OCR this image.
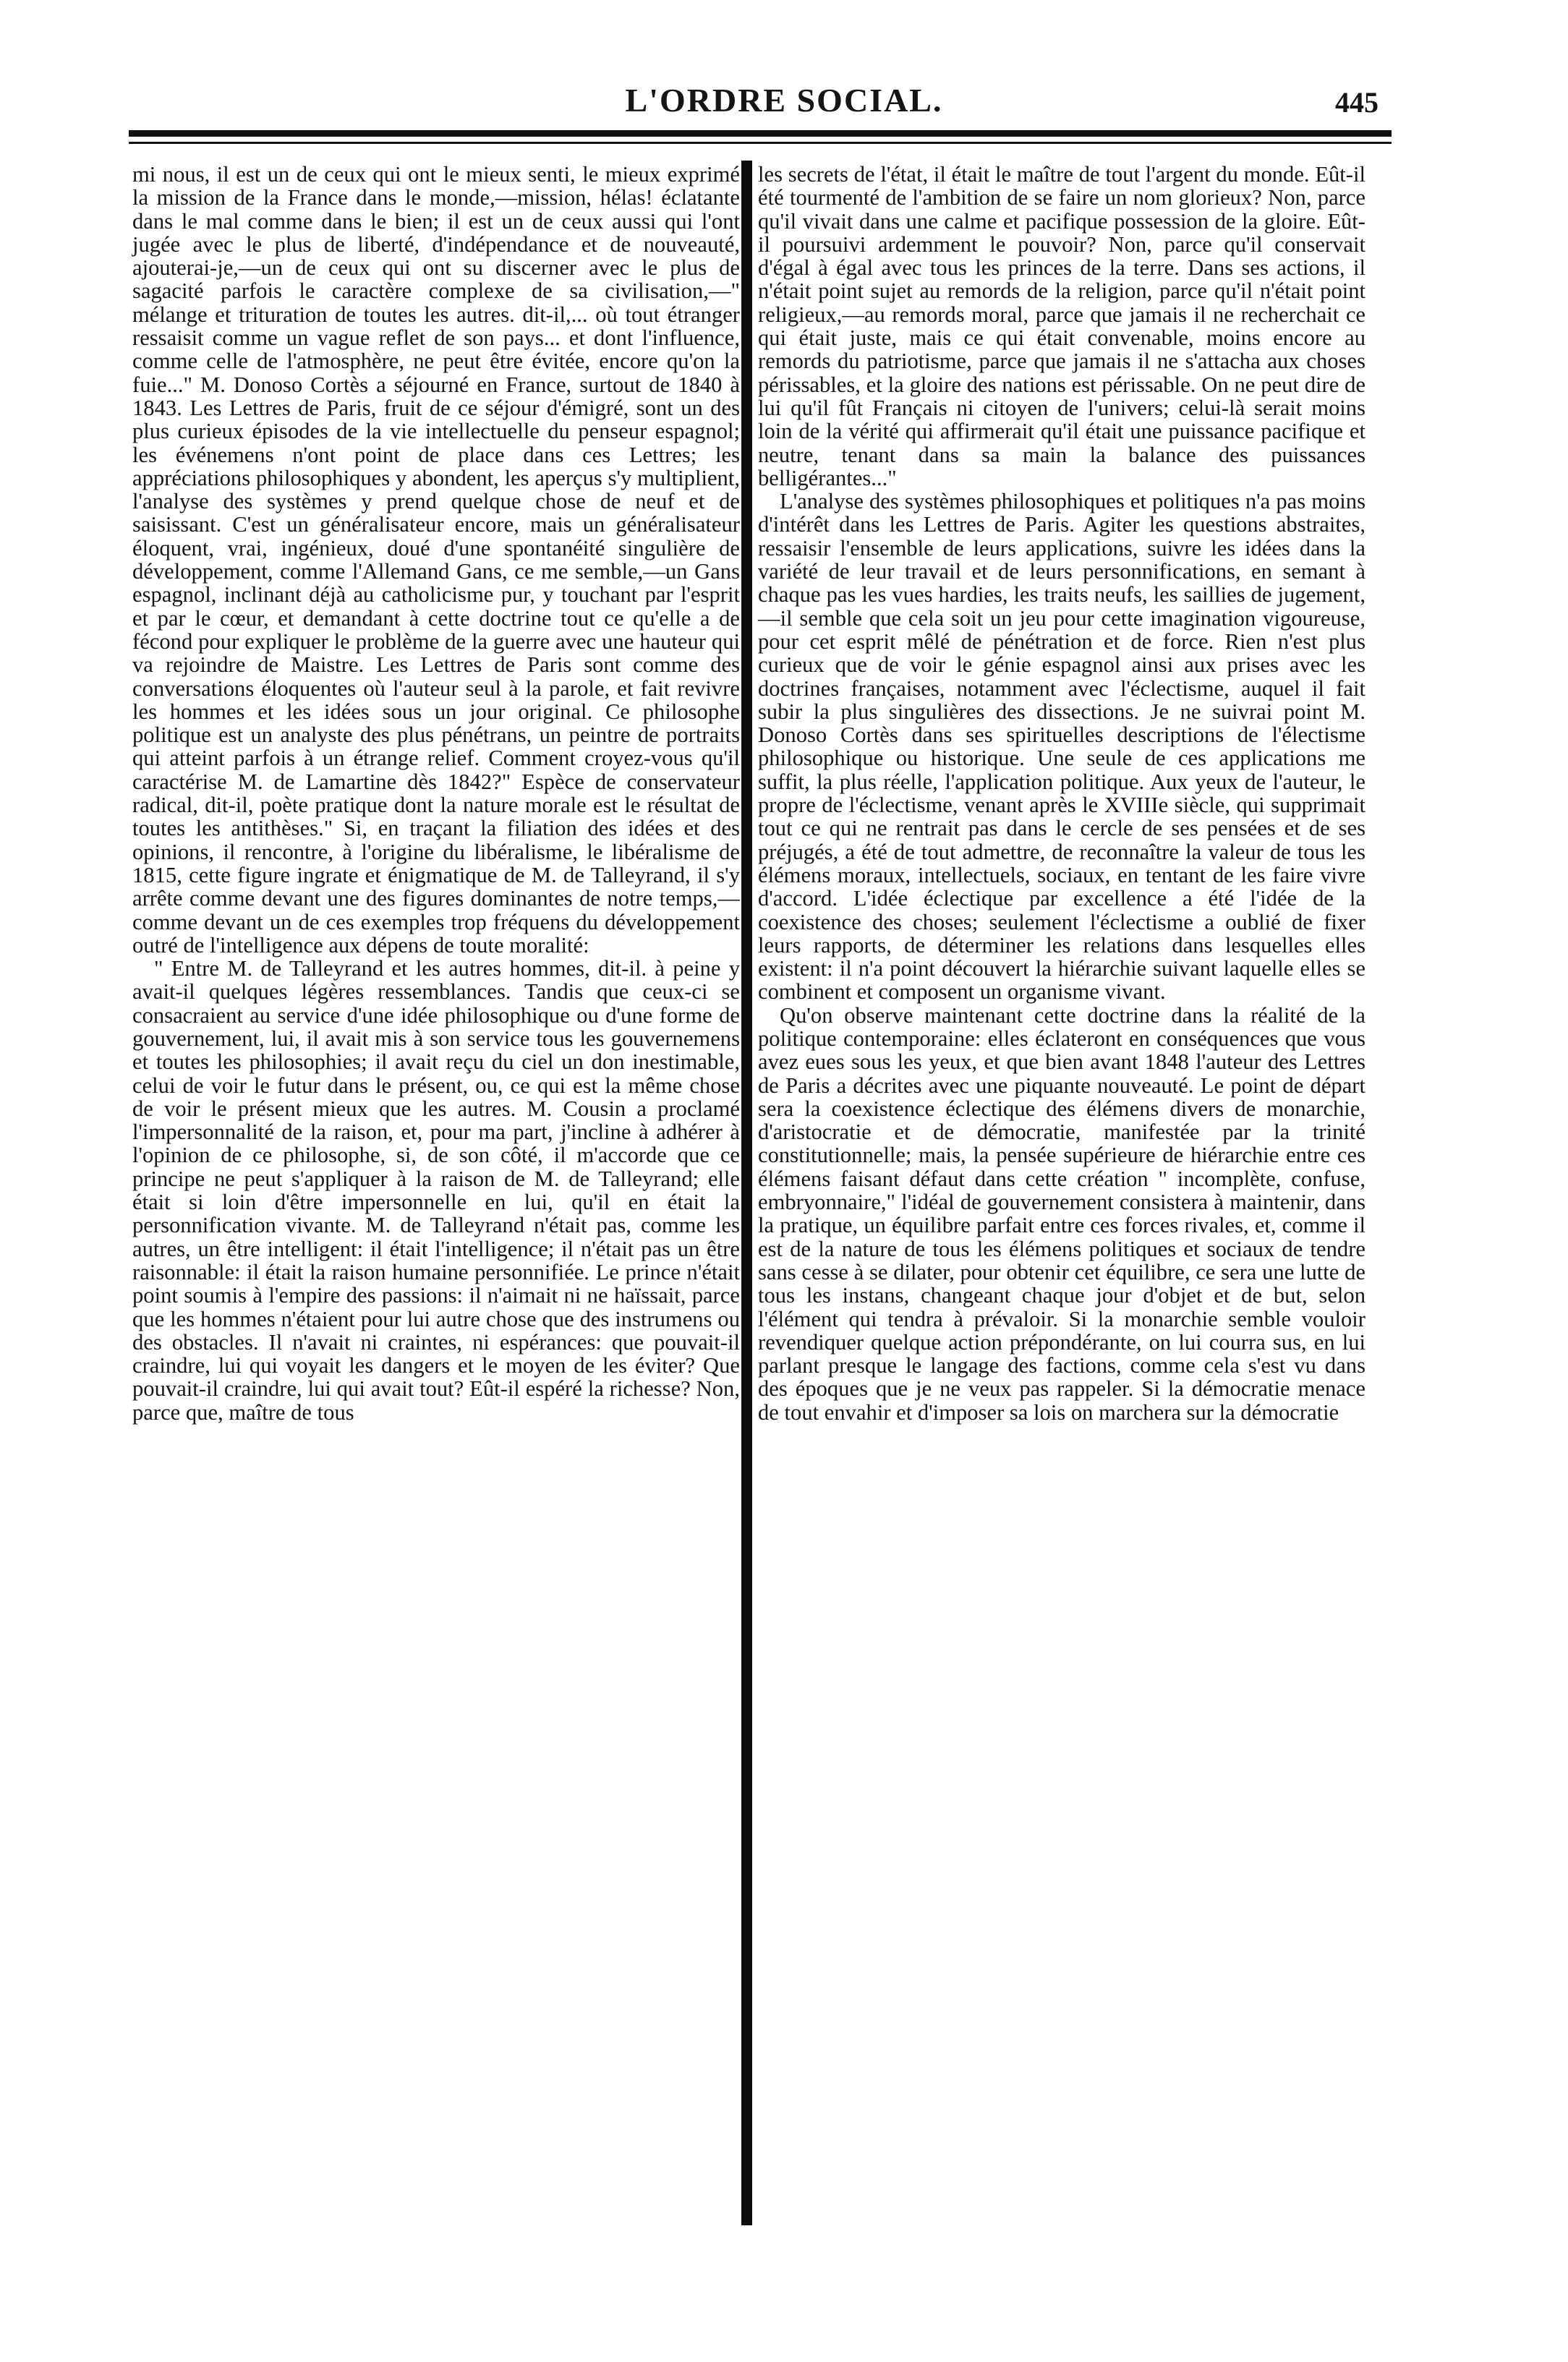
L'ORDRE SOCIAL.	445

mi nous, il est un de ceux qui ont le mieux senti, le mieux exprimé la mission de la France dans le monde,—mission, hélas! éclatante dans le mal comme dans le bien; il est un de ceux aussi qui l'ont jugée avec le plus de liberté, d'indépendance et de nouveauté, ajouterai-je,—un de ceux qui ont su discerner avec le plus de sagacité parfois le caractère complexe de sa civilisation,—" mélange et trituration de toutes les autres. dit-il,... où tout étranger ressaisit comme un vague reflet de son pays... et dont l'influence, comme celle de l'atmosphère, ne peut être évitée, encore qu'on la fuie..." M. Donoso Cortès a séjourné en France, surtout de 1840 à 1843. Les Lettres de Paris, fruit de ce séjour d'émigré, sont un des plus curieux épisodes de la vie intellectuelle du penseur espagnol; les événemens n'ont point de place dans ces Lettres; les appréciations philosophiques y abondent, les aperçus s'y multiplient, l'analyse des systèmes y prend quelque chose de neuf et de saisissant. C'est un généralisateur encore, mais un généralisateur éloquent, vrai, ingénieux, doué d'une spontanéité singulière de développement, comme l'Allemand Gans, ce me semble,—un Gans espagnol, inclinant déjà au catholicisme pur, y touchant par l'esprit et par le cœur, et demandant à cette doctrine tout ce qu'elle a de fécond pour expliquer le problème de la guerre avec une hauteur qui va rejoindre de Maistre. Les Lettres de Paris sont comme des conversations éloquentes où l'auteur seul à la parole, et fait revivre les hommes et les idées sous un jour original. Ce philosophe politique est un analyste des plus pénétrans, un peintre de portraits qui atteint parfois à un étrange relief. Comment croyez-vous qu'il caractérise M. de Lamartine dès 1842?" Espèce de conservateur radical, dit-il, poète pratique dont la nature morale est le résultat de toutes les antithèses." Si, en traçant la filiation des idées et des opinions, il rencontre, à l'origine du libéralisme, le libéralisme de 1815, cette figure ingrate et énigmatique de M. de Talleyrand, il s'y arrête comme devant une des figures dominantes de notre temps,—comme devant un de ces exemples trop fréquens du développement outré de l'intelligence aux dépens de toute moralité:

" Entre M. de Talleyrand et les autres hommes, dit-il. à peine y avait-il quelques légères ressemblances. Tandis que ceux-ci se consacraient au service d'une idée philosophique ou d'une forme de gouvernement, lui, il avait mis à son service tous les gouvernemens et toutes les philosophies; il avait reçu du ciel un don inestimable, celui de voir le futur dans le présent, ou, ce qui est la même chose de voir le présent mieux que les autres. M. Cousin a proclamé l'impersonnalité de la raison, et, pour ma part, j'incline à adhérer à l'opinion de ce philosophe, si, de son côté, il m'accorde que ce principe ne peut s'appliquer à la raison de M. de Talleyrand; elle était si loin d'être impersonnelle en lui, qu'il en était la personnification vivante. M. de Talleyrand n'était pas, comme les autres, un être intelligent: il était l'intelligence; il n'était pas un être raisonnable: il était la raison humaine personnifiée. Le prince n'était point soumis à l'empire des passions: il n'aimait ni ne haïssait, parce que les hommes n'étaient pour lui autre chose que des instrumens ou des obstacles. Il n'avait ni craintes, ni espérances: que pouvait-il craindre, lui qui voyait les dangers et le moyen de les éviter? Que pouvait-il craindre, lui qui avait tout? Eût-il espéré la richesse? Non, parce que, maître de tous

les secrets de l'état, il était le maître de tout l'argent du monde. Eût-il été tourmenté de l'ambition de se faire un nom glorieux? Non, parce qu'il vivait dans une calme et pacifique possession de la gloire. Eût-il poursuivi ardemment le pouvoir? Non, parce qu'il conservait d'égal à égal avec tous les princes de la terre. Dans ses actions, il n'était point sujet au remords de la religion, parce qu'il n'était point religieux,—au remords moral, parce que jamais il ne recherchait ce qui était juste, mais ce qui était convenable, moins encore au remords du patriotisme, parce que jamais il ne s'attacha aux choses périssables, et la gloire des nations est périssable. On ne peut dire de lui qu'il fût Français ni citoyen de l'univers; celui-là serait moins loin de la vérité qui affirmerait qu'il était une puissance pacifique et neutre, tenant dans sa main la balance des puissances belligérantes..."

L'analyse des systèmes philosophiques et politiques n'a pas moins d'intérêt dans les Lettres de Paris. Agiter les questions abstraites, ressaisir l'ensemble de leurs applications, suivre les idées dans la variété de leur travail et de leurs personnifications, en semant à chaque pas les vues hardies, les traits neufs, les saillies de jugement,—il semble que cela soit un jeu pour cette imagination vigoureuse, pour cet esprit mêlé de pénétration et de force. Rien n'est plus curieux que de voir le génie espagnol ainsi aux prises avec les doctrines françaises, notamment avec l'éclectisme, auquel il fait subir la plus singulières des dissections. Je ne suivrai point M. Donoso Cortès dans ses spirituelles descriptions de l'électisme philosophique ou historique. Une seule de ces applications me suffit, la plus réelle, l'application politique. Aux yeux de l'auteur, le propre de l'éclectisme, venant après le XVIIIe siècle, qui supprimait tout ce qui ne rentrait pas dans le cercle de ses pensées et de ses préjugés, a été de tout admettre, de reconnaître la valeur de tous les élémens moraux, intellectuels, sociaux, en tentant de les faire vivre d'accord. L'idée éclectique par excellence a été l'idée de la coexistence des choses; seulement l'éclectisme a oublié de fixer leurs rapports, de déterminer les relations dans lesquelles elles existent: il n'a point découvert la hiérarchie suivant laquelle elles se combinent et composent un organisme vivant.

Qu'on observe maintenant cette doctrine dans la réalité de la politique contemporaine: elles éclateront en conséquences que vous avez eues sous les yeux, et que bien avant 1848 l'auteur des Lettres de Paris a décrites avec une piquante nouveauté. Le point de départ sera la coexistence éclectique des élémens divers de monarchie, d'aristocratie et de démocratie, manifestée par la trinité constitutionnelle; mais, la pensée supérieure de hiérarchie entre ces élémens faisant défaut dans cette création " incomplète, confuse, embryonnaire," l'idéal de gouvernement consistera à maintenir, dans la pratique, un équilibre parfait entre ces forces rivales, et, comme il est de la nature de tous les élémens politiques et sociaux de tendre sans cesse à se dilater, pour obtenir cet équilibre, ce sera une lutte de tous les instans, changeant chaque jour d'objet et de but, selon l'élément qui tendra à prévaloir. Si la monarchie semble vouloir revendiquer quelque action prépondérante, on lui courra sus, en lui parlant presque le langage des factions, comme cela s'est vu dans des époques que je ne veux pas rappeler. Si la démocratie menace de tout envahir et d'imposer sa lois on marchera sur la démocratie
